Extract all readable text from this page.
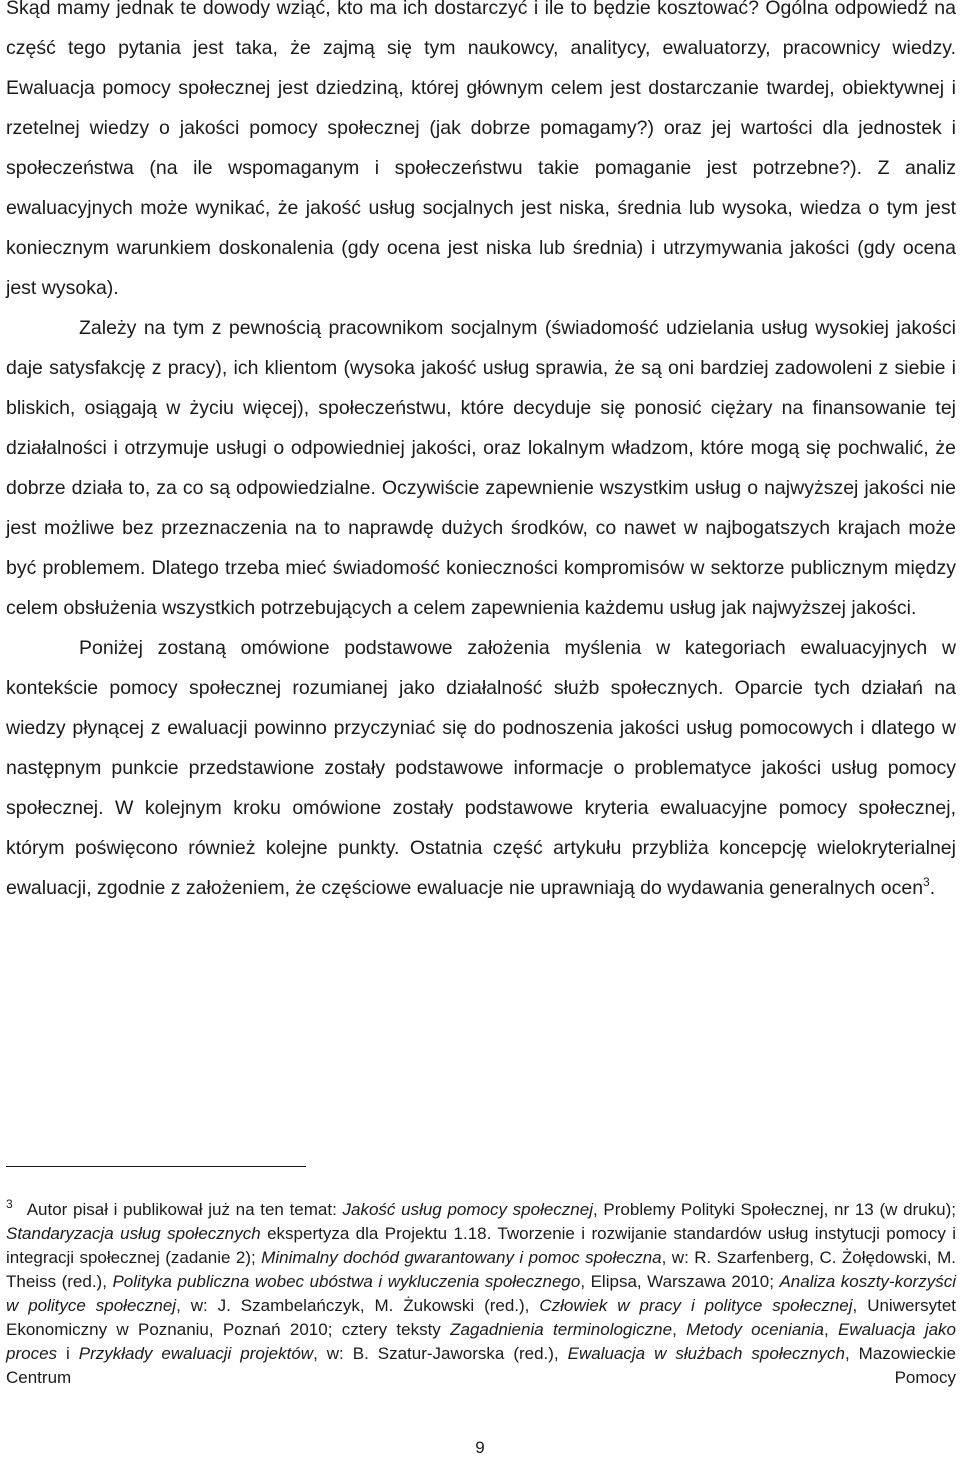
Skąd mamy jednak te dowody wziąć, kto ma ich dostarczyć i ile to będzie kosztować? Ogólna odpowiedź na część tego pytania jest taka, że zajmą się tym naukowcy, analitycy, ewaluatorzy, pracownicy wiedzy. Ewaluacja pomocy społecznej jest dziedziną, której głównym celem jest dostarczanie twardej, obiektywnej i rzetelnej wiedzy o jakości pomocy społecznej (jak dobrze pomagamy?) oraz jej wartości dla jednostek i społeczeństwa (na ile wspomaganym i społeczeństwu takie pomaganie jest potrzebne?). Z analiz ewaluacyjnych może wynikać, że jakość usług socjalnych jest niska, średnia lub wysoka, wiedza o tym jest koniecznym warunkiem doskonalenia (gdy ocena jest niska lub średnia) i utrzymywania jakości (gdy ocena jest wysoka).

Zależy na tym z pewnością pracownikom socjalnym (świadomość udzielania usług wysokiej jakości daje satysfakcję z pracy), ich klientom (wysoka jakość usług sprawia, że są oni bardziej zadowoleni z siebie i bliskich, osiągają w życiu więcej), społeczeństwu, które decyduje się ponosić ciężary na finansowanie tej działalności i otrzymuje usługi o odpowiedniej jakości, oraz lokalnym władzom, które mogą się pochwalić, że dobrze działa to, za co są odpowiedzialne. Oczywiście zapewnienie wszystkim usług o najwyższej jakości nie jest możliwe bez przeznaczenia na to naprawdę dużych środków, co nawet w najbogatszych krajach może być problemem. Dlatego trzeba mieć świadomość konieczności kompromisów w sektorze publicznym między celem obsłużenia wszystkich potrzebujących a celem zapewnienia każdemu usług jak najwyższej jakości.

Poniżej zostaną omówione podstawowe założenia myślenia w kategoriach ewaluacyjnych w kontekście pomocy społecznej rozumianej jako działalność służb społecznych. Oparcie tych działań na wiedzy płynącej z ewaluacji powinno przyczyniać się do podnoszenia jakości usług pomocowych i dlatego w następnym punkcie przedstawione zostały podstawowe informacje o problematyce jakości usług pomocy społecznej. W kolejnym kroku omówione zostały podstawowe kryteria ewaluacyjne pomocy społecznej, którym poświęcono również kolejne punkty. Ostatnia część artykułu przybliża koncepcję wielokryterialnej ewaluacji, zgodnie z założeniem, że częściowe ewaluacje nie uprawniają do wydawania generalnych ocen$^3$.

$^3$ Autor pisał i publikował już na ten temat: Jakość usług pomocy społecznej, Problemy Polityki Społecznej, nr 13 (w druku); Standaryzacja usług społecznych ekspertyza dla Projektu 1.18. Tworzenie i rozwijanie standardów usług instytucji pomocy i integracji społecznej (zadanie 2); Minimalny dochód gwarantowany i pomoc społeczna, w: R. Szarfenberg, C. Żołędowski, M. Theiss (red.), Polityka publiczna wobec ubóstwa i wykluczenia społecznego, Elipsa, Warszawa 2010; Analiza koszty-korzyści w polityce społecznej, w: J. Szambelańczyk, M. Żukowski (red.), Człowiek w pracy i polityce społecznej, Uniwersytet Ekonomiczny w Poznaniu, Poznań 2010; cztery teksty Zagadnienia terminologiczne, Metody oceniania, Ewaluacja jako proces i Przykłady ewaluacji projektów, w: B. Szatur-Jaworska (red.), Ewaluacja w służbach społecznych, Mazowieckie Centrum Pomocy

9
